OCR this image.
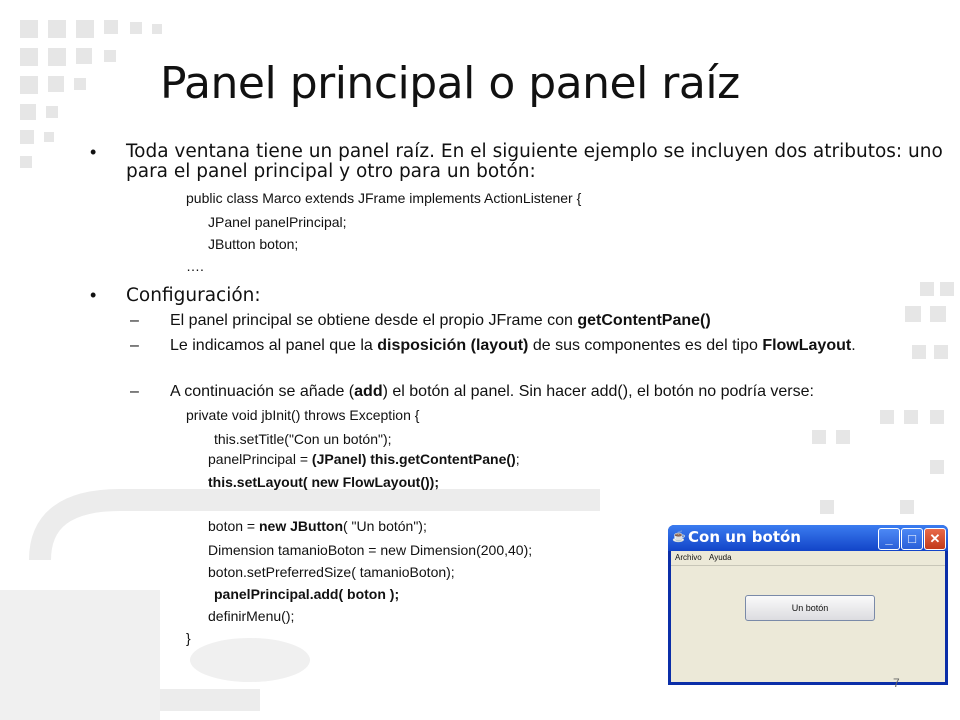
Panel principal o panel raíz
•	Toda ventana tiene un panel raíz. En el siguiente ejemplo se incluyen dos atributos: uno para el panel principal y otro para un botón:
public class Marco extends JFrame implements ActionListener {
JPanel panelPrincipal;
JButton boton;
….
•	Configuración:
– El panel principal se obtiene desde el propio JFrame con getContentPane()
– Le indicamos al panel que la disposición (layout) de sus componentes es del tipo FlowLayout.
– A continuación se añade (add) el botón al panel. Sin hacer add(), el botón no podría verse:
private void jbInit() throws Exception {
this.setTitle("Con un botón");
panelPrincipal = (JPanel) this.getContentPane();
this.setLayout( new FlowLayout());
boton = new JButton( "Un botón");
Dimension tamanioBoton = new Dimension(200,40);
boton.setPreferredSize( tamanioBoton);
panelPrincipal.add( boton );
definirMenu();
}
☕ Con un botón	_	□	✕
Archivo Ayuda
Un botón
7
